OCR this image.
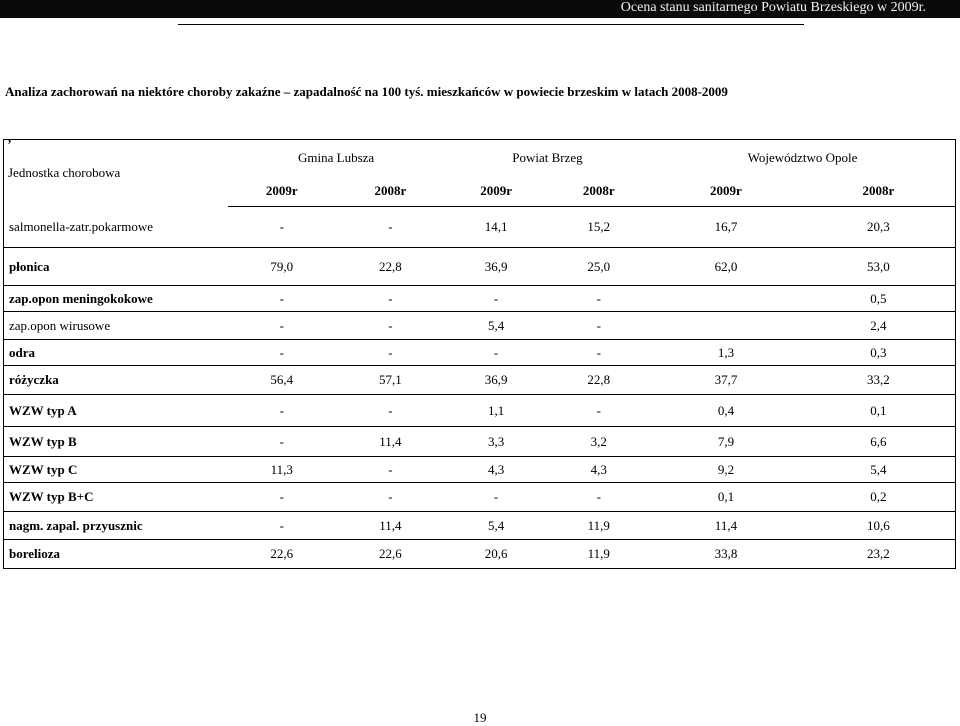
Ocena stanu sanitarnego Powiatu Brzeskiego w 2009r.
Analiza zachorowań na niektóre choroby zakaźne – zapadalność na 100 tyś. mieszkańców w powiecie brzeskim w latach 2008-2009
,
Jednostka chorobowa	Gmina Lubsza		Powiat Brzeg		Województwo Opole	
	2009r	2008r	2009r	2008r	2009r	2008r
salmonella-zatr.pokarmowe	-	-	14,1	15,2	16,7	20,3
płonica	79,0	22,8	36,9	25,0	62,0	53,0
zap.opon meningokokowe	-	-	-	-		0,5
zap.opon wirusowe	-	-	5,4	-		2,4
odra	-	-	-	-	1,3	0,3
różyczka	56,4	57,1	36,9	22,8	37,7	33,2
WZW typ A	-	-	1,1	-	0,4	0,1
WZW typ B	-	11,4	3,3	3,2	7,9	6,6
WZW typ C	11,3	-	4,3	4,3	9,2	5,4
WZW typ B+C	-	-	-	-	0,1	0,2
nagm. zapal. przyusznic	-	11,4	5,4	11,9	11,4	10,6
borelioza	22,6	22,6	20,6	11,9	33,8	23,2
19
